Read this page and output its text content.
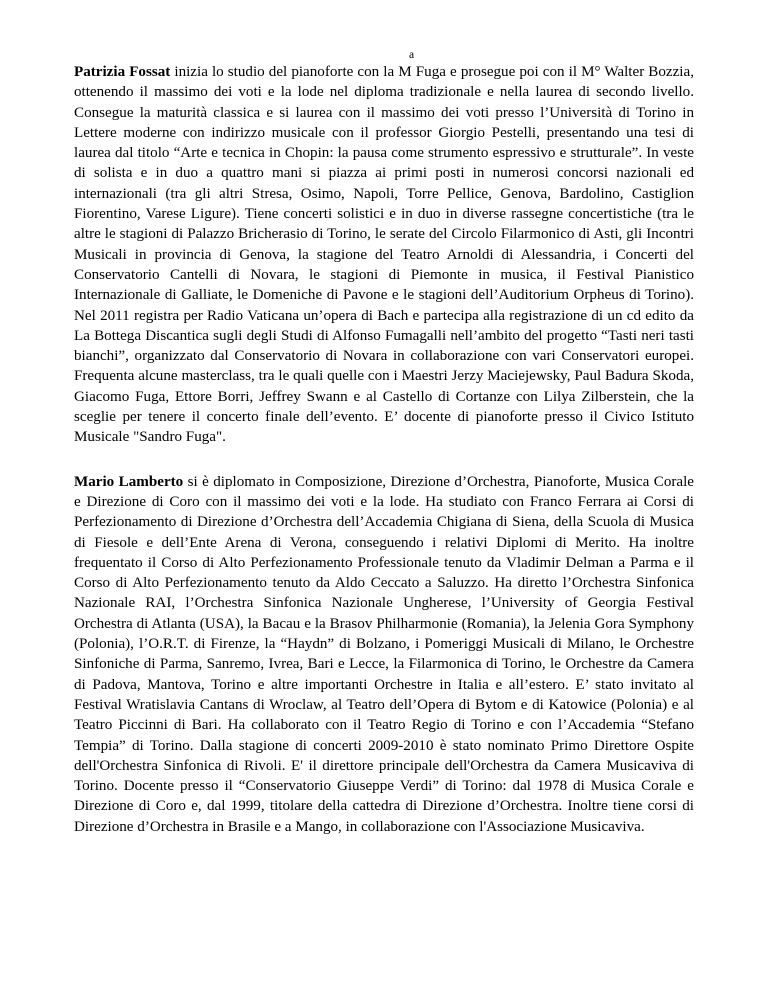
a

Patrizia Fossat inizia lo studio del pianoforte con la M Fuga e prosegue poi con il M° Walter Bozzia, ottenendo il massimo dei voti e la lode nel diploma tradizionale e nella laurea di secondo livello. Consegue la maturità classica e si laurea con il massimo dei voti presso l’Università di Torino in Lettere moderne con indirizzo musicale con il professor Giorgio Pestelli, presentando una tesi di laurea dal titolo “Arte e tecnica in Chopin: la pausa come strumento espressivo e strutturale”. In veste di solista e in duo a quattro mani si piazza ai primi posti in numerosi concorsi nazionali ed internazionali (tra gli altri Stresa, Osimo, Napoli, Torre Pellice, Genova, Bardolino, Castiglion Fiorentino, Varese Ligure). Tiene concerti solistici e in duo in diverse rassegne concertistiche (tra le altre le stagioni di Palazzo Bricherasio di Torino, le serate del Circolo Filarmonico di Asti, gli Incontri Musicali in provincia di Genova, la stagione del Teatro Arnoldi di Alessandria, i Concerti del Conservatorio Cantelli di Novara, le stagioni di Piemonte in musica, il Festival Pianistico Internazionale di Galliate, le Domeniche di Pavone e le stagioni dell’Auditorium Orpheus di Torino). Nel 2011 registra per Radio Vaticana un’opera di Bach e partecipa alla registrazione di un cd edito da La Bottega Discantica sugli degli Studi di Alfonso Fumagalli nell’ambito del progetto “Tasti neri tasti bianchi”, organizzato dal Conservatorio di Novara in collaborazione con vari Conservatori europei. Frequenta alcune masterclass, tra le quali quelle con i Maestri Jerzy Maciejewsky, Paul Badura Skoda, Giacomo Fuga, Ettore Borri, Jeffrey Swann e al Castello di Cortanze con Lilya Zilberstein, che la sceglie per tenere il concerto finale dell’evento. E’ docente di pianoforte presso il Civico Istituto Musicale "Sandro Fuga".

Mario Lamberto si è diplomato in Composizione, Direzione d’Orchestra, Pianoforte, Musica Corale e Direzione di Coro con il massimo dei voti e la lode. Ha studiato con Franco Ferrara ai Corsi di Perfezionamento di Direzione d’Orchestra dell’Accademia Chigiana di Siena, della Scuola di Musica di Fiesole e dell’Ente Arena di Verona, conseguendo i relativi Diplomi di Merito. Ha inoltre frequentato il Corso di Alto Perfezionamento Professionale tenuto da Vladimir Delman a Parma e il Corso di Alto Perfezionamento tenuto da Aldo Ceccato a Saluzzo. Ha diretto l’Orchestra Sinfonica Nazionale RAI, l’Orchestra Sinfonica Nazionale Ungherese, l’University of Georgia Festival Orchestra di Atlanta (USA), la Bacau e la Brasov Philharmonie (Romania), la Jelenia Gora Symphony (Polonia), l’O.R.T. di Firenze, la “Haydn” di Bolzano, i Pomeriggi Musicali di Milano, le Orchestre Sinfoniche di Parma, Sanremo, Ivrea, Bari e Lecce, la Filarmonica di Torino, le Orchestre da Camera di Padova, Mantova, Torino e altre importanti Orchestre in Italia e all’estero. E’ stato invitato al Festival Wratislavia Cantans di Wroclaw, al Teatro dell’Opera di Bytom e di Katowice (Polonia) e al Teatro Piccinni di Bari. Ha collaborato con il Teatro Regio di Torino e con l’Accademia “Stefano Tempia” di Torino. Dalla stagione di concerti 2009-2010 è stato nominato Primo Direttore Ospite dell'Orchestra Sinfonica di Rivoli. E' il direttore principale dell'Orchestra da Camera Musicaviva di Torino. Docente presso il “Conservatorio Giuseppe Verdi” di Torino: dal 1978 di Musica Corale e Direzione di Coro e, dal 1999, titolare della cattedra di Direzione d’Orchestra. Inoltre tiene corsi di Direzione d’Orchestra in Brasile e a Mango, in collaborazione con l'Associazione Musicaviva.
